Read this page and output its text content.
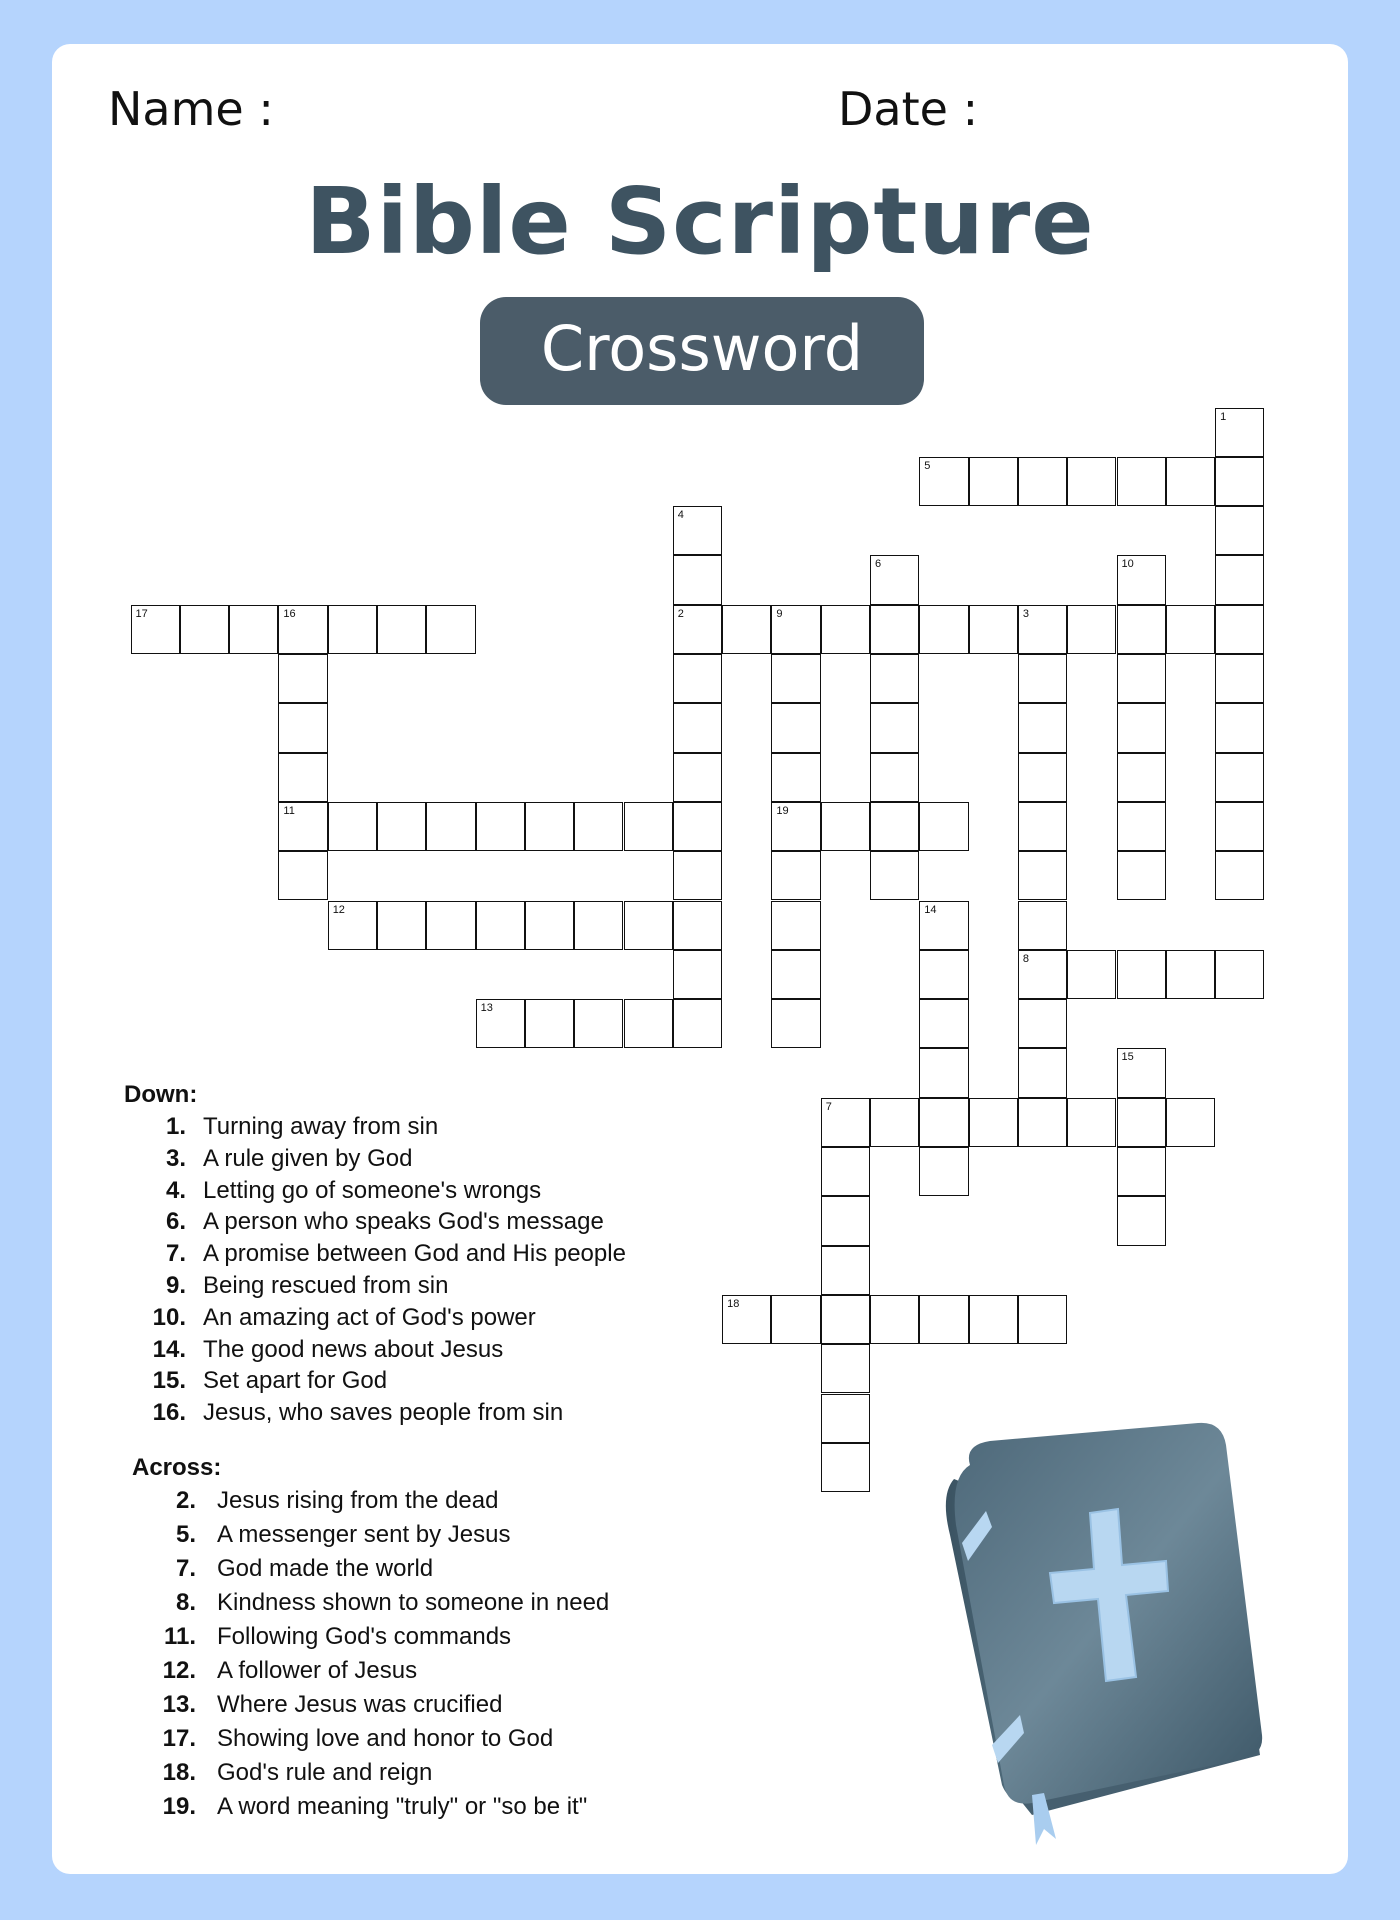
Name :	Date :
Bible Scripture
Crossword
2	9	3
5
7
8
11
12
13
17	16
18
19
1
4
6	10
14
15
Down:
1. Turning away from sin
3. A rule given by God
4. Letting go of someone's wrongs
6. A person who speaks God's message
7. A promise between God and His people
9. Being rescued from sin
10. An amazing act of God's power
14. The good news about Jesus
15. Set apart for God
16. Jesus, who saves people from sin
Across:
2. Jesus rising from the dead
5. A messenger sent by Jesus
7. God made the world
8. Kindness shown to someone in need
11. Following God's commands
12. A follower of Jesus
13. Where Jesus was crucified
17. Showing love and honor to God
18. God's rule and reign
19. A word meaning "truly" or "so be it"
